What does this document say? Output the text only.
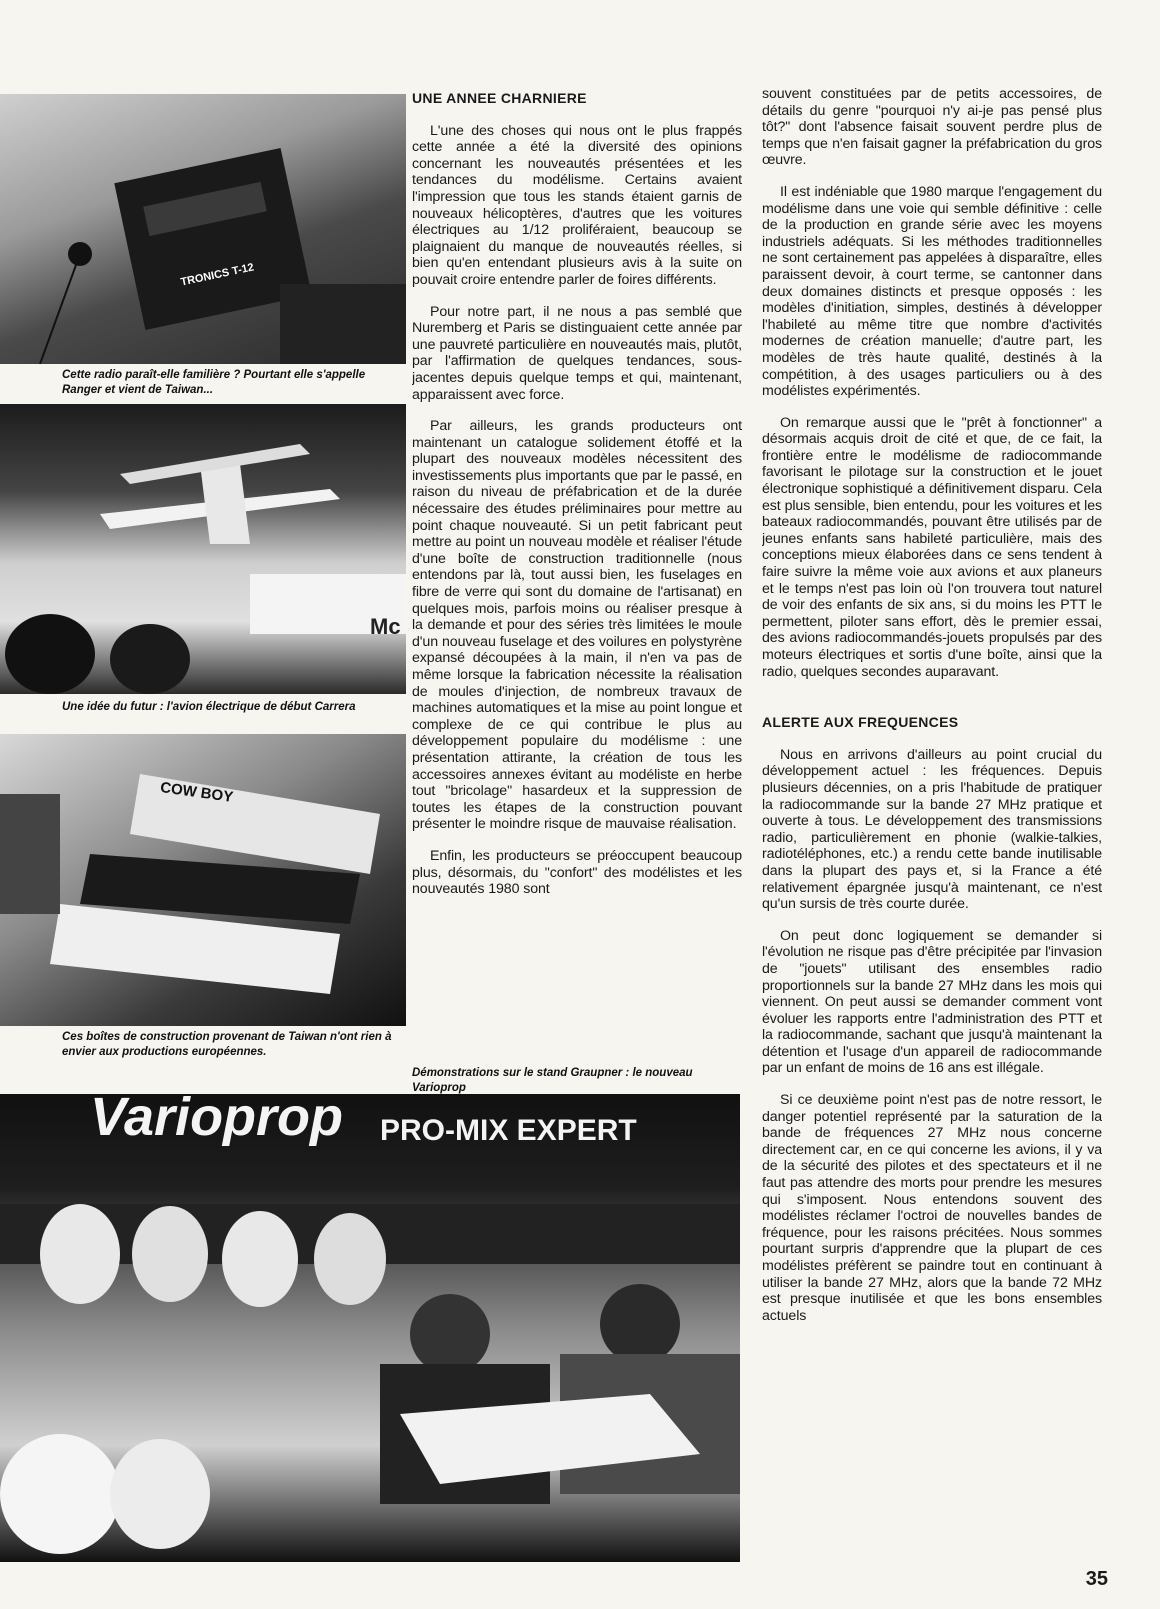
TRONICS T-12
Cette radio paraît-elle familière ? Pourtant elle s'appelle Ranger et vient de Taiwan...
Mc
Une idée du futur : l'avion électrique de début Carrera
COW BOY
Ces boîtes de construction provenant de Taiwan n'ont rien à envier aux productions européennes.
Varioprop PRO-MIX EXPERT
UNE ANNEE CHARNIERE

L'une des choses qui nous ont le plus frappés cette année a été la diversité des opinions concernant les nouveautés présentées et les tendances du modélisme. Certains avaient l'impression que tous les stands étaient garnis de nouveaux hélicoptères, d'autres que les voitures électriques au 1/12 proliféraient, beaucoup se plaignaient du manque de nouveautés réelles, si bien qu'en entendant plusieurs avis à la suite on pouvait croire entendre parler de foires différents.

Pour notre part, il ne nous a pas semblé que Nuremberg et Paris se distinguaient cette année par une pauvreté particulière en nouveautés mais, plutôt, par l'affirmation de quelques tendances, sous-jacentes depuis quelque temps et qui, maintenant, apparaissent avec force.

Par ailleurs, les grands producteurs ont maintenant un catalogue solidement étoffé et la plupart des nouveaux modèles nécessitent des investissements plus importants que par le passé, en raison du niveau de préfabrication et de la durée nécessaire des études préliminaires pour mettre au point chaque nouveauté. Si un petit fabricant peut mettre au point un nouveau modèle et réaliser l'étude d'une boîte de construction traditionnelle (nous entendons par là, tout aussi bien, les fuselages en fibre de verre qui sont du domaine de l'artisanat) en quelques mois, parfois moins ou réaliser presque à la demande et pour des séries très limitées le moule d'un nouveau fuselage et des voilures en polystyrène expansé découpées à la main, il n'en va pas de même lorsque la fabrication nécessite la réalisation de moules d'injection, de nombreux travaux de machines automatiques et la mise au point longue et complexe de ce qui contribue le plus au développement populaire du modélisme : une présentation attirante, la création de tous les accessoires annexes évitant au modéliste en herbe tout "bricolage" hasardeux et la suppression de toutes les étapes de la construction pouvant présenter le moindre risque de mauvaise réalisation.

Enfin, les producteurs se préoccupent beaucoup plus, désormais, du "confort" des modélistes et les nouveautés 1980 sont

Démonstrations sur le stand Graupner : le nouveau Varioprop

souvent constituées par de petits accessoires, de détails du genre "pourquoi n'y ai-je pas pensé plus tôt?" dont l'absence faisait souvent perdre plus de temps que n'en faisait gagner la préfabrication du gros œuvre.

Il est indéniable que 1980 marque l'engagement du modélisme dans une voie qui semble définitive : celle de la production en grande série avec les moyens industriels adéquats. Si les méthodes traditionnelles ne sont certainement pas appelées à disparaître, elles paraissent devoir, à court terme, se cantonner dans deux domaines distincts et presque opposés : les modèles d'initiation, simples, destinés à développer l'habileté au même titre que nombre d'activités modernes de création manuelle; d'autre part, les modèles de très haute qualité, destinés à la compétition, à des usages particuliers ou à des modélistes expérimentés.

On remarque aussi que le "prêt à fonctionner" a désormais acquis droit de cité et que, de ce fait, la frontière entre le modélisme de radiocommande favorisant le pilotage sur la construction et le jouet électronique sophistiqué a définitivement disparu. Cela est plus sensible, bien entendu, pour les voitures et les bateaux radiocommandés, pouvant être utilisés par de jeunes enfants sans habileté particulière, mais des conceptions mieux élaborées dans ce sens tendent à faire suivre la même voie aux avions et aux planeurs et le temps n'est pas loin où l'on trouvera tout naturel de voir des enfants de six ans, si du moins les PTT le permettent, piloter sans effort, dès le premier essai, des avions radiocommandés-jouets propulsés par des moteurs électriques et sortis d'une boîte, ainsi que la radio, quelques secondes auparavant.

ALERTE AUX FREQUENCES

Nous en arrivons d'ailleurs au point crucial du développement actuel : les fréquences. Depuis plusieurs décennies, on a pris l'habitude de pratiquer la radiocommande sur la bande 27 MHz pratique et ouverte à tous. Le développement des transmissions radio, particulièrement en phonie (walkie-talkies, radiotéléphones, etc.) a rendu cette bande inutilisable dans la plupart des pays et, si la France a été relativement épargnée jusqu'à maintenant, ce n'est qu'un sursis de très courte durée.

On peut donc logiquement se demander si l'évolution ne risque pas d'être précipitée par l'invasion de "jouets" utilisant des ensembles radio proportionnels sur la bande 27 MHz dans les mois qui viennent. On peut aussi se demander comment vont évoluer les rapports entre l'administration des PTT et la radiocommande, sachant que jusqu'à maintenant la détention et l'usage d'un appareil de radiocommande par un enfant de moins de 16 ans est illégale.

Si ce deuxième point n'est pas de notre ressort, le danger potentiel représenté par la saturation de la bande de fréquences 27 MHz nous concerne directement car, en ce qui concerne les avions, il y va de la sécurité des pilotes et des spectateurs et il ne faut pas attendre des morts pour prendre les mesures qui s'imposent. Nous entendons souvent des modélistes réclamer l'octroi de nouvelles bandes de fréquence, pour les raisons précitées. Nous sommes pourtant surpris d'apprendre que la plupart de ces modélistes préfèrent se paindre tout en continuant à utiliser la bande 27 MHz, alors que la bande 72 MHz est presque inutilisée et que les bons ensembles actuels

35
